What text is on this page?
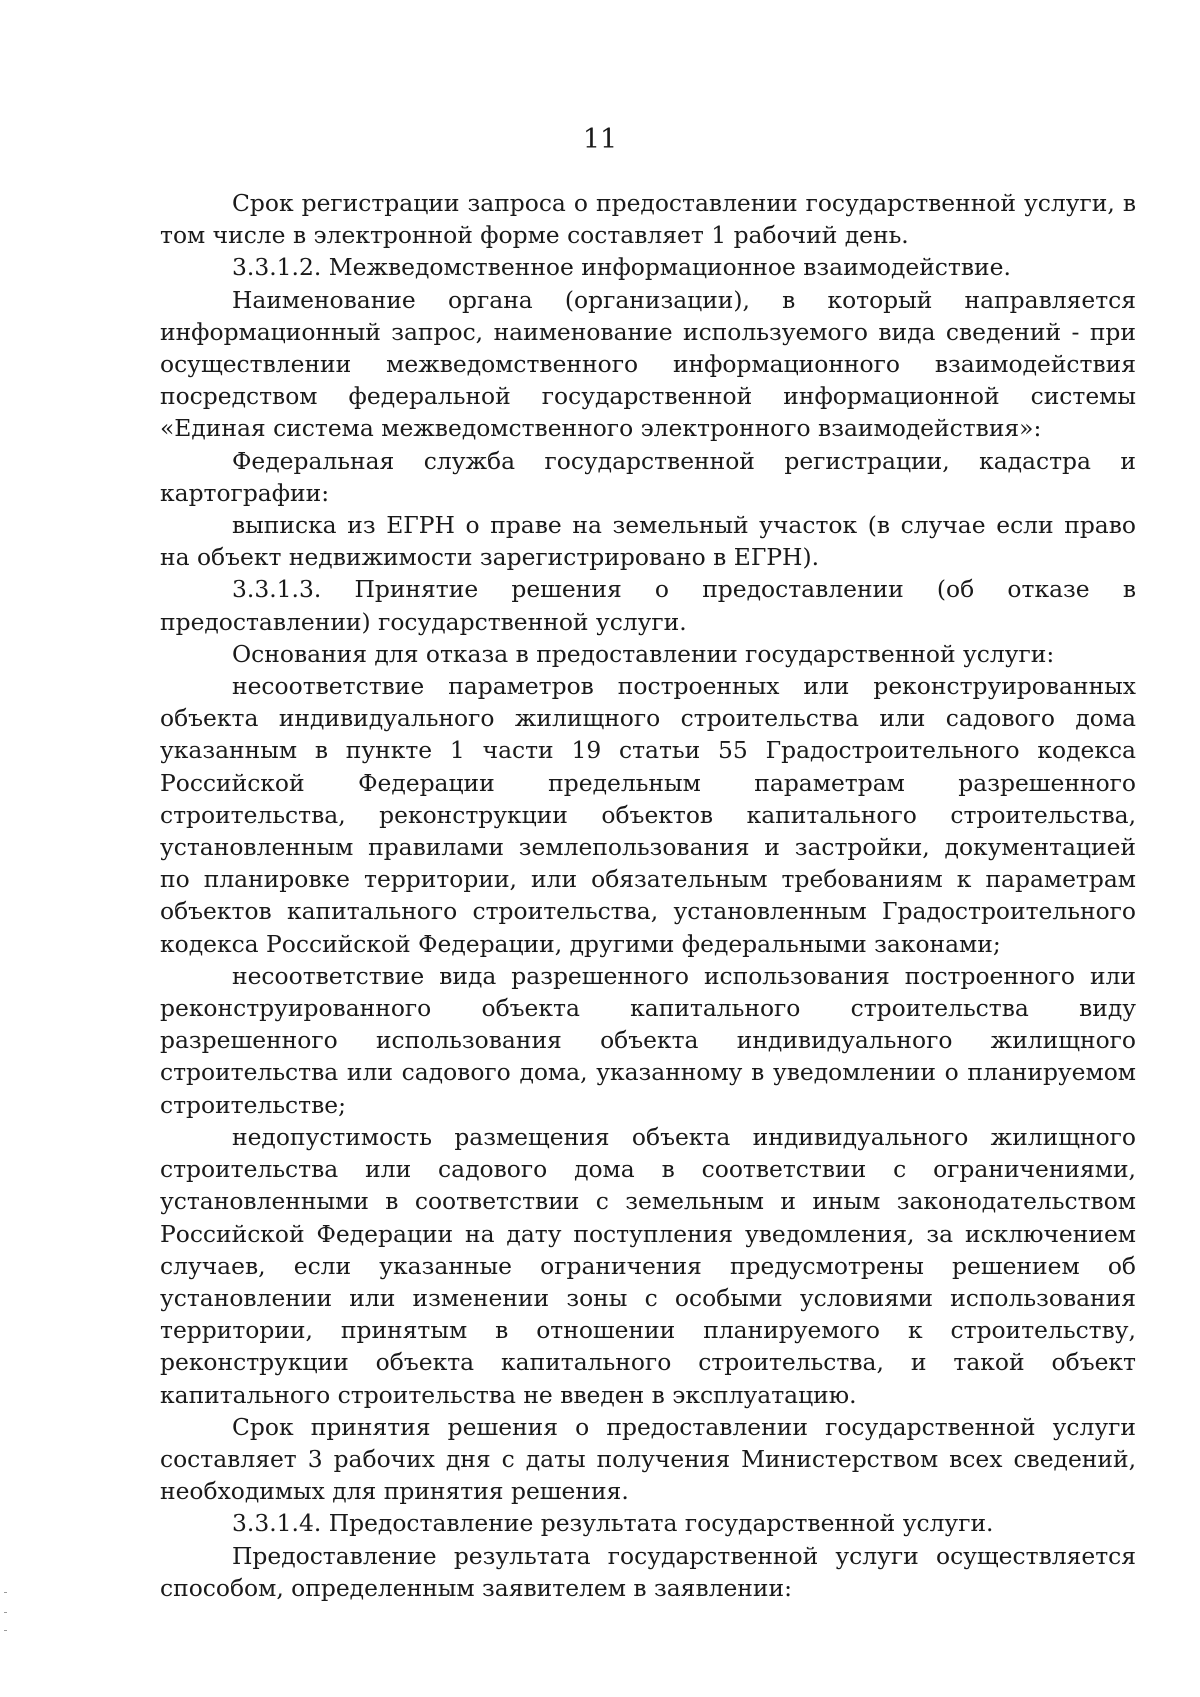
11

Срок регистрации запроса о предоставлении государственной услуги, в том числе в электронной форме составляет 1 рабочий день.

3.3.1.2. Межведомственное информационное взаимодействие.

Наименование органа (организации), в который направляется информационный запрос, наименование используемого вида сведений - при осуществлении межведомственного информационного взаимодействия посредством федеральной государственной информационной системы «Единая система межведомственного электронного взаимодействия»:

Федеральная служба государственной регистрации, кадастра и картографии:

выписка из ЕГРН о праве на земельный участок (в случае если право на объект недвижимости зарегистрировано в ЕГРН).

3.3.1.3. Принятие решения о предоставлении (об отказе в предоставлении) государственной услуги.

Основания для отказа в предоставлении государственной услуги:

несоответствие параметров построенных или реконструированных объекта индивидуального жилищного строительства или садового дома указанным в пункте 1 части 19 статьи 55 Градостроительного кодекса Российской Федерации предельным параметрам разрешенного строительства, реконструкции объектов капитального строительства, установленным правилами землепользования и застройки, документацией по планировке территории, или обязательным требованиям к параметрам объектов капитального строительства, установленным Градостроительного кодекса Российской Федерации, другими федеральными законами;

несоответствие вида разрешенного использования построенного или реконструированного объекта капитального строительства виду разрешенного использования объекта индивидуального жилищного строительства или садового дома, указанному в уведомлении о планируемом строительстве;

недопустимость размещения объекта индивидуального жилищного строительства или садового дома в соответствии с ограничениями, установленными в соответствии с земельным и иным законодательством Российской Федерации на дату поступления уведомления, за исключением случаев, если указанные ограничения предусмотрены решением об установлении или изменении зоны с особыми условиями использования территории, принятым в отношении планируемого к строительству, реконструкции объекта капитального строительства, и такой объект капитального строительства не введен в эксплуатацию.

Срок принятия решения о предоставлении государственной услуги составляет 3 рабочих дня с даты получения Министерством всех сведений, необходимых для принятия решения.

3.3.1.4. Предоставление результата государственной услуги.

Предоставление результата государственной услуги осуществляется способом, определенным заявителем в заявлении:
